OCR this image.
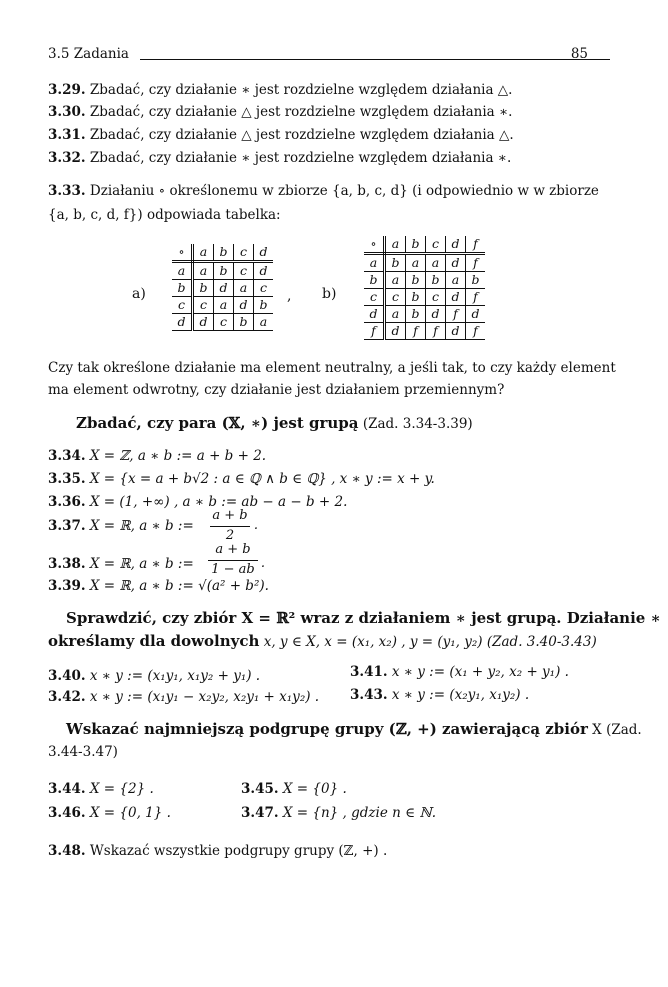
3.5 Zadania	85
3.29. Zbadać, czy działanie ∗ jest rozdzielne względem działania △.
3.30. Zbadać, czy działanie △ jest rozdzielne względem działania ∗.
3.31. Zbadać, czy działanie △ jest rozdzielne względem działania △.
3.32. Zbadać, czy działanie ∗ jest rozdzielne względem działania ∗.
3.33. Działaniu ∘ określonemu w zbiorze {a, b, c, d} (i odpowiednio w w zbiorze
{a, b, c, d, f}) odpowiada tabelka:
a)
∘	a	b	c	d
a	a	b	c	d
b	b	d	a	c
c	c	a	d	b
d	d	c	b	a
, b)
∘	a	b	c	d	f
a	b	a	a	d	f
b	a	b	b	a	b
c	c	b	c	d	f
d	a	b	d	f	d
f	d	f	f	d	f
Czy tak określone działanie ma element neutralny, a jeśli tak, to czy każdy element
ma element odwrotny, czy działanie jest działaniem przemiennym?
Zbadać, czy para (𝕏, ∗) jest grupą (Zad. 3.34-3.39)
3.34. X = ℤ, a ∗ b := a + b + 2.
3.35. X = {x = a + b√2 : a ∈ ℚ ∧ b ∈ ℚ} , x ∗ y := x + y.
3.36. X = (1, +∞) , a ∗ b := ab − a − b + 2.
3.37. X = ℝ, a ∗ b :=
a + b
2
.
3.38. X = ℝ, a ∗ b :=
a + b
1 − ab .
3.39. X = ℝ, a ∗ b := √(a² + b²).
Sprawdzić, czy zbiór X = ℝ² wraz z działaniem ∗ jest grupą. Działanie ∗
określamy dla dowolnych x, y ∈ X, x = (x₁, x₂) , y = (y₁, y₂) (Zad. 3.40-3.43)
3.40. x ∗ y := (x₁y₁, x₁y₂ + y₁) .	3.41. x ∗ y := (x₁ + y₂, x₂ + y₁) .
3.42. x ∗ y := (x₁y₁ − x₂y₂, x₂y₁ + x₁y₂) . 3.43. x ∗ y := (x₂y₁, x₁y₂) .
Wskazać najmniejszą podgrupę grupy (ℤ, +) zawierającą zbiór X (Zad.
3.44-3.47)
3.44. X = {2} .	3.45. X = {0} .
3.46. X = {0, 1} .	3.47. X = {n} , gdzie n ∈ ℕ.
3.48. Wskazać wszystkie podgrupy grupy (ℤ, +) .
